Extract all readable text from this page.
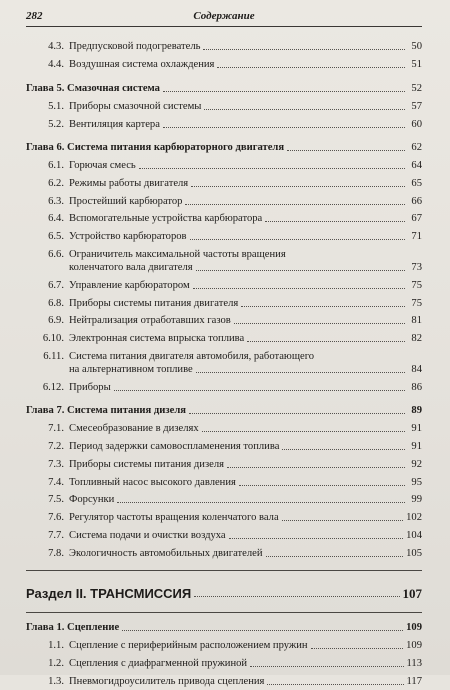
282	Содержание
4.3. Предпусковой подогреватель	50
4.4. Воздушная система охлаждения	51
Глава 5. Смазочная система	52
5.1. Приборы смазочной системы	57
5.2. Вентиляция картера	60
Глава 6. Система питания карбюраторного двигателя	62
6.1. Горючая смесь	64
6.2. Режимы работы двигателя	65
6.3. Простейший карбюратор	66
6.4. Вспомогательные устройства карбюратора	67
6.5. Устройство карбюраторов	71
6.6. Ограничитель максимальной частоты вращения
коленчатого вала двигателя	73
6.7. Управление карбюратором	75
6.8. Приборы системы питания двигателя	75
6.9. Нейтрализация отработавших газов	81
6.10. Электронная система впрыска топлива	82
6.11. Система питания двигателя автомобиля, работающего
на альтернативном топливе	84
6.12. Приборы	86
Глава 7. Система питания дизеля	89
7.1. Смесеобразование в дизелях	91
7.2. Период задержки самовоспламенения топлива	91
7.3. Приборы системы питания дизеля	92
7.4. Топливный насос высокого давления	95
7.5. Форсунки	99
7.6. Регулятор частоты вращения коленчатого вала	102
7.7. Система подачи и очистки воздуха	104
7.8. Экологичность автомобильных двигателей	105
Раздел II. ТРАНСМИССИЯ	107
Глава 1. Сцепление	109
1.1. Сцепление с периферийным расположением пружин	109
1.2. Сцепления с диафрагменной пружиной	113
1.3. Пневмогидроусилитель привода сцепления	117
